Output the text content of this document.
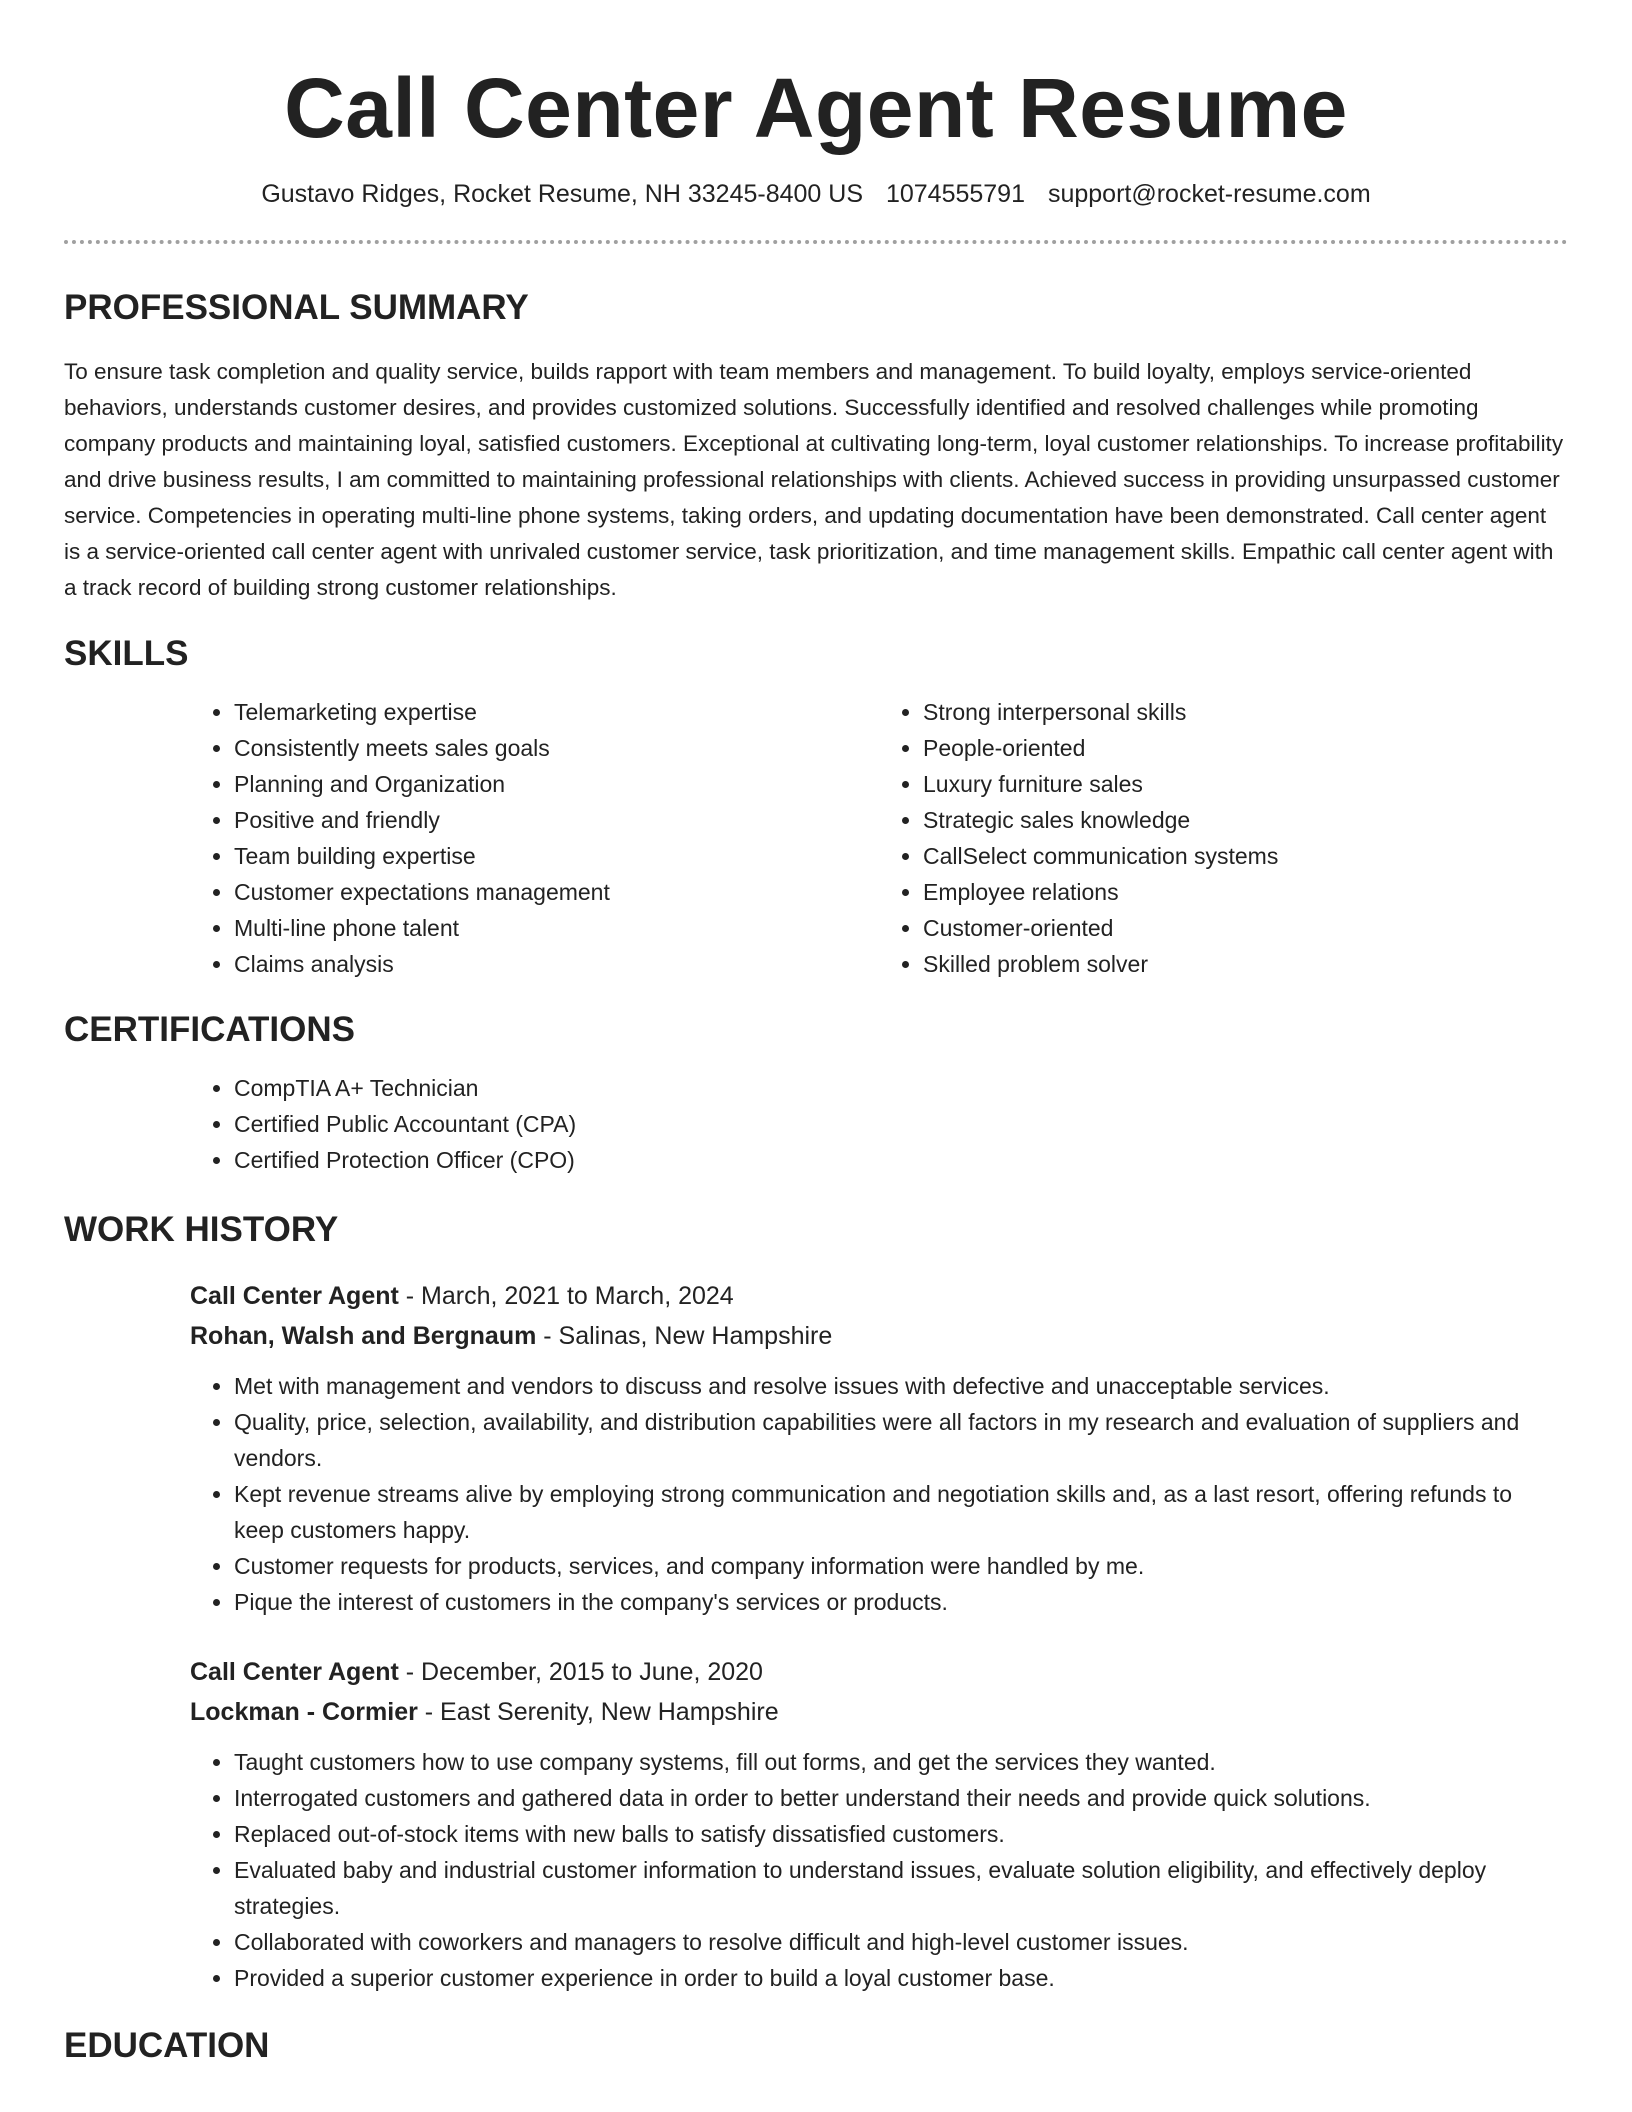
Call Center Agent Resume
Gustavo Ridges, Rocket Resume, NH 33245-8400 US 1074555791 support@rocket-resume.com
PROFESSIONAL SUMMARY

To ensure task completion and quality service, builds rapport with team members and management. To build loyalty, employs service-oriented behaviors, understands customer desires, and provides customized solutions. Successfully identified and resolved challenges while promoting company products and maintaining loyal, satisfied customers. Exceptional at cultivating long-term, loyal customer relationships. To increase profitability and drive business results, I am committed to maintaining professional relationships with clients. Achieved success in providing unsurpassed customer service. Competencies in operating multi-line phone systems, taking orders, and updating documentation have been demonstrated. Call center agent is a service-oriented call center agent with unrivaled customer service, task prioritization, and time management skills. Empathic call center agent with a track record of building strong customer relationships.

SKILLS
• Telemarketing expertise
• Consistently meets sales goals
• Planning and Organization
• Positive and friendly
• Team building expertise
• Customer expectations management
• Multi-line phone talent
• Claims analysis
• Strong interpersonal skills
• People-oriented
• Luxury furniture sales
• Strategic sales knowledge
• CallSelect communication systems
• Employee relations
• Customer-oriented
• Skilled problem solver
CERTIFICATIONS
• CompTIA A+ Technician
• Certified Public Accountant (CPA)
• Certified Protection Officer (CPO)
WORK HISTORY

Call Center Agent - March, 2021 to March, 2024

Rohan, Walsh and Bergnaum - Salinas, New Hampshire

• Met with management and vendors to discuss and resolve issues with defective and unacceptable services.
• Quality, price, selection, availability, and distribution capabilities were all factors in my research and evaluation of suppliers and vendors.
• Kept revenue streams alive by employing strong communication and negotiation skills and, as a last resort, offering refunds to keep customers happy.
• Customer requests for products, services, and company information were handled by me.
• Pique the interest of customers in the company's services or products.

Call Center Agent - December, 2015 to June, 2020

Lockman - Cormier - East Serenity, New Hampshire

• Taught customers how to use company systems, fill out forms, and get the services they wanted.
• Interrogated customers and gathered data in order to better understand their needs and provide quick solutions.
• Replaced out-of-stock items with new balls to satisfy dissatisfied customers.
• Evaluated baby and industrial customer information to understand issues, evaluate solution eligibility, and effectively deploy strategies.
• Collaborated with coworkers and managers to resolve difficult and high-level customer issues.
• Provided a superior customer experience in order to build a loyal customer base.
EDUCATION
